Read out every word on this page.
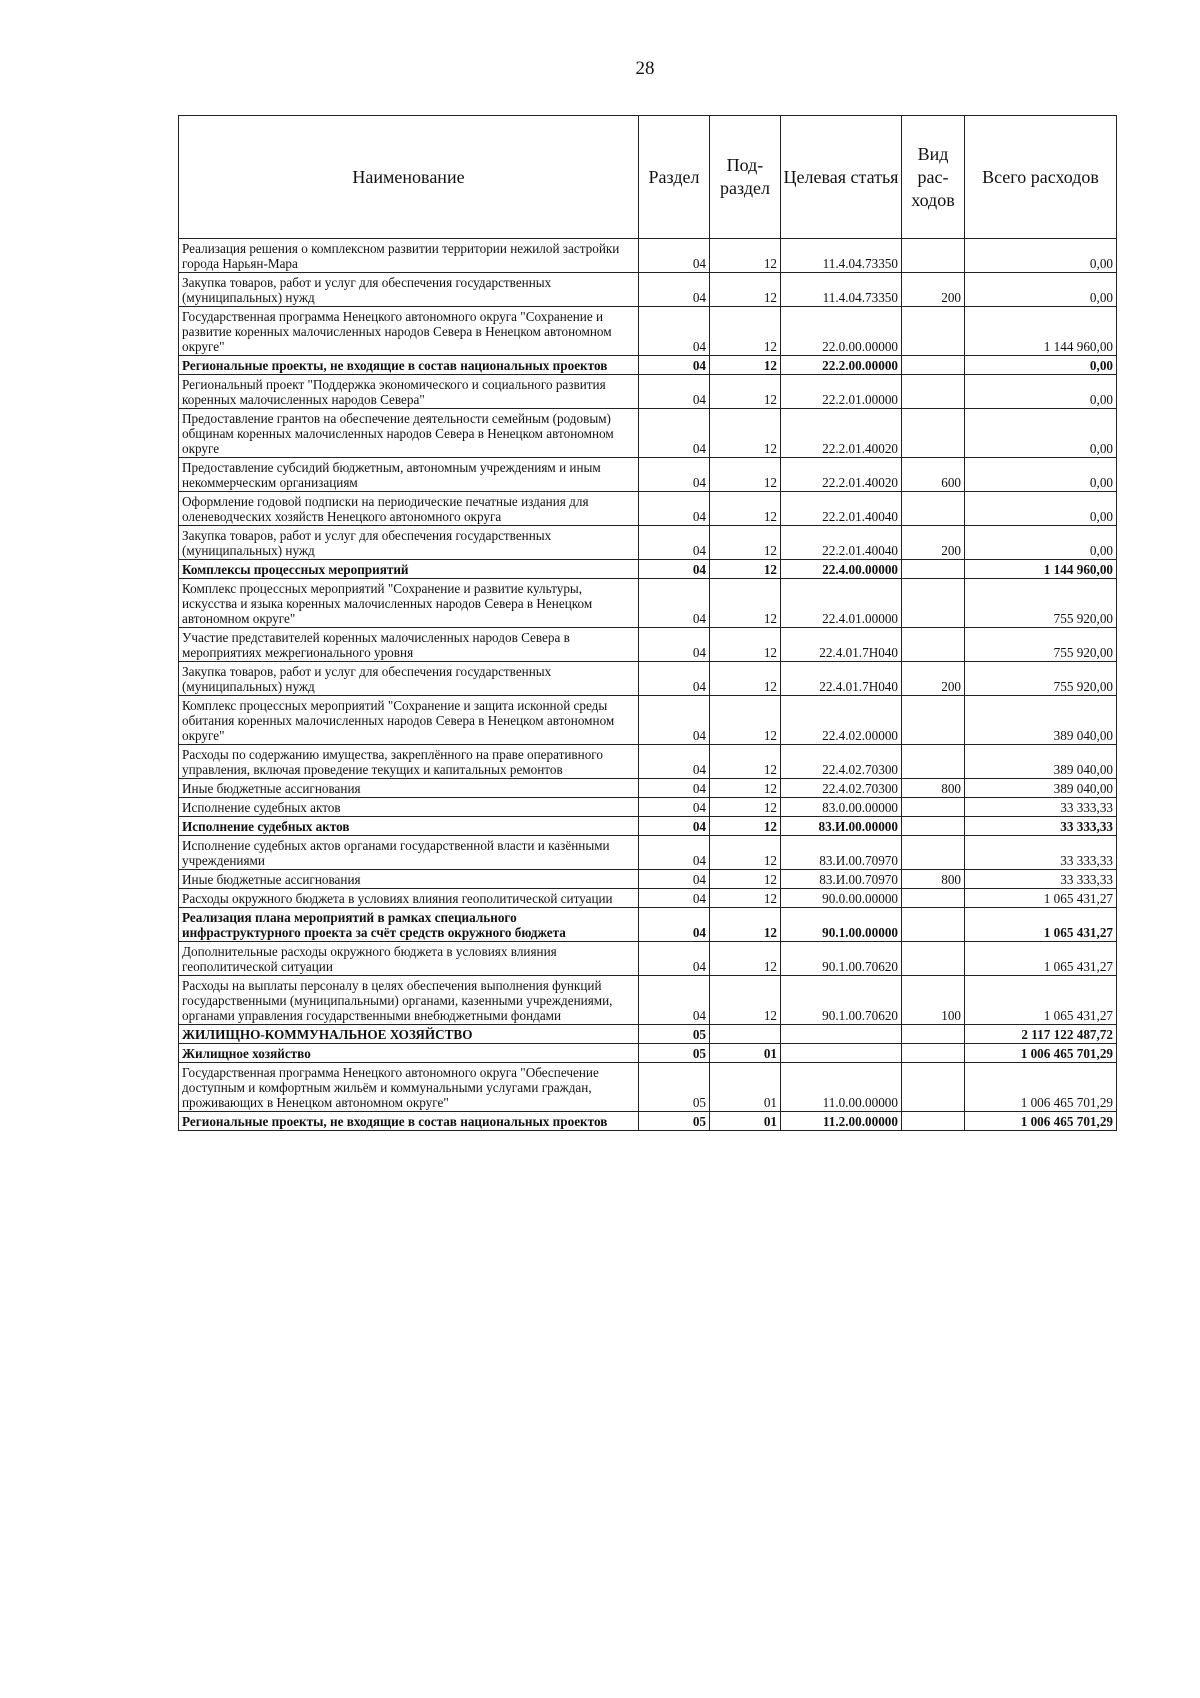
28
Наименование	Раздел	Под-раздел	Целевая статья	Вид рас-ходов	Всего расходов
Реализация решения о комплексном развитии территории нежилой застройки города Нарьян-Мара	04	12	11.4.04.73350		0,00
Закупка товаров, работ и услуг для обеспечения государственных (муниципальных) нужд	04	12	11.4.04.73350	200	0,00
Государственная программа Ненецкого автономного округа "Сохранение и развитие коренных малочисленных народов Севера в Ненецком автономном округе"	04	12	22.0.00.00000		1 144 960,00
Региональные проекты, не входящие в состав национальных проектов	04	12	22.2.00.00000		0,00
Региональный проект "Поддержка экономического и социального развития коренных малочисленных народов Севера"	04	12	22.2.01.00000		0,00
Предоставление грантов на обеспечение деятельности семейным (родовым) общинам коренных малочисленных народов Севера в Ненецком автономном округе	04	12	22.2.01.40020		0,00
Предоставление субсидий бюджетным, автономным учреждениям и иным некоммерческим организациям	04	12	22.2.01.40020	600	0,00
Оформление годовой подписки на периодические печатные издания для оленеводческих хозяйств Ненецкого автономного округа	04	12	22.2.01.40040		0,00
Закупка товаров, работ и услуг для обеспечения государственных (муниципальных) нужд	04	12	22.2.01.40040	200	0,00
Комплексы процессных мероприятий	04	12	22.4.00.00000		1 144 960,00
Комплекс процессных мероприятий "Сохранение и развитие культуры, искусства и языка коренных малочисленных народов Севера в Ненецком автономном округе"	04	12	22.4.01.00000		755 920,00
Участие представителей коренных малочисленных народов Севера в мероприятиях межрегионального уровня	04	12	22.4.01.7Н040		755 920,00
Закупка товаров, работ и услуг для обеспечения государственных (муниципальных) нужд	04	12	22.4.01.7Н040	200	755 920,00
Комплекс процессных мероприятий "Сохранение и защита исконной среды обитания коренных малочисленных народов Севера в Ненецком автономном округе"	04	12	22.4.02.00000		389 040,00
Расходы по содержанию имущества, закреплённого на праве оперативного управления, включая проведение текущих и капитальных ремонтов	04	12	22.4.02.70300		389 040,00
Иные бюджетные ассигнования	04	12	22.4.02.70300	800	389 040,00
Исполнение судебных актов	04	12	83.0.00.00000		33 333,33
Исполнение судебных актов	04	12	83.И.00.00000		33 333,33
Исполнение судебных актов органами государственной власти и казёнными учреждениями	04	12	83.И.00.70970		33 333,33
Иные бюджетные ассигнования	04	12	83.И.00.70970	800	33 333,33
Расходы окружного бюджета в условиях влияния геополитической ситуации	04	12	90.0.00.00000		1 065 431,27
Реализация плана мероприятий в рамках специального инфраструктурного проекта за счёт средств окружного бюджета	04	12	90.1.00.00000		1 065 431,27
Дополнительные расходы окружного бюджета в условиях влияния геополитической ситуации	04	12	90.1.00.70620		1 065 431,27
Расходы на выплаты персоналу в целях обеспечения выполнения функций государственными (муниципальными) органами, казенными учреждениями, органами управления государственными внебюджетными фондами	04	12	90.1.00.70620	100	1 065 431,27
ЖИЛИЩНО-КОММУНАЛЬНОЕ ХОЗЯЙСТВО	05				2 117 122 487,72
Жилищное хозяйство	05	01			1 006 465 701,29
Государственная программа Ненецкого автономного округа "Обеспечение доступным и комфортным жильём и коммунальными услугами граждан, проживающих в Ненецком автономном округе"	05	01	11.0.00.00000		1 006 465 701,29
Региональные проекты, не входящие в состав национальных проектов	05	01	11.2.00.00000		1 006 465 701,29
